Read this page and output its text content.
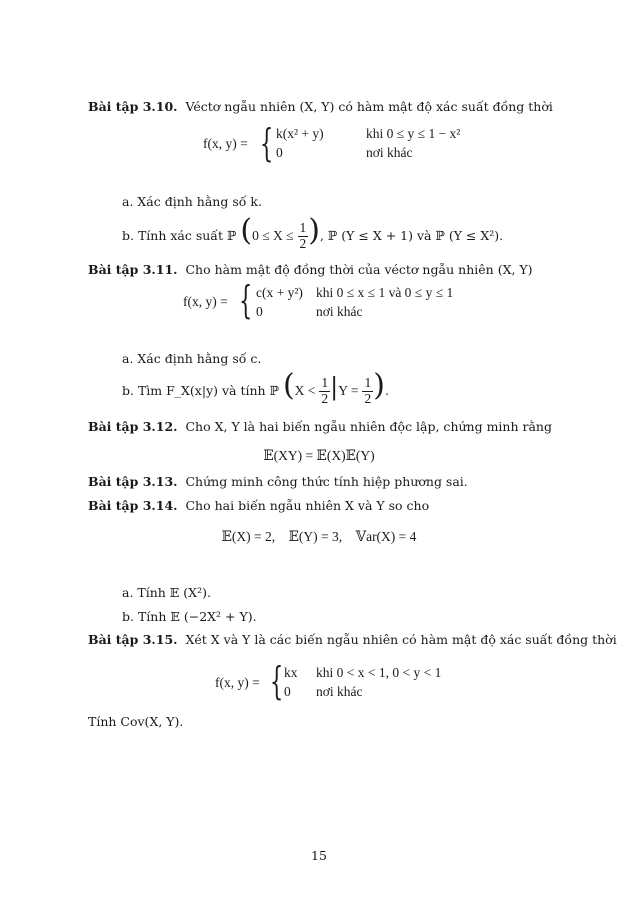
Bài tập 3.10. Véctơ ngẫu nhiên (X, Y) có hàm mật độ xác suất đồng thời
f(x, y) = { k(x² + y)	khi 0 ≤ y ≤ 1 − x²
0	nơi khác
a. Xác định hằng số k.
b. Tính xác suất ℙ ($0 \le X \le \frac{1}{2}$ ), ℙ (Y ≤ X + 1) và ℙ (Y ≤ X²).
Bài tập 3.11. Cho hàm mật độ đồng thời của véctơ ngẫu nhiên (X, Y)
f(x, y) = { c(x + y²) khi 0 ≤ x ≤ 1 và 0 ≤ y ≤ 1
0	nơi khác
a. Xác định hằng số c.
b. Tìm F_X(x|y) và tính ℙ ($X < \frac{1}{2} |Y = \frac{1}{2}$ ).
Bài tập 3.12. Cho X, Y là hai biến ngẫu nhiên độc lập, chứng minh rằng
𝔼(XY) = 𝔼(X)𝔼(Y)
Bài tập 3.13. Chứng minh công thức tính hiệp phương sai.
Bài tập 3.14. Cho hai biến ngẫu nhiên X và Y so cho
𝔼(X) = 2,    𝔼(Y) = 3,    𝕍ar(X) = 4
a. Tính 𝔼 (X²).
b. Tính 𝔼 (−2X² + Y).
Bài tập 3.15. Xét X và Y là các biến ngẫu nhiên có hàm mật độ xác suất đồng thời
f(x, y) = { kx khi 0 < x < 1, 0 < y < 1
0 nơi khác
Tính Cov(X, Y).
15
